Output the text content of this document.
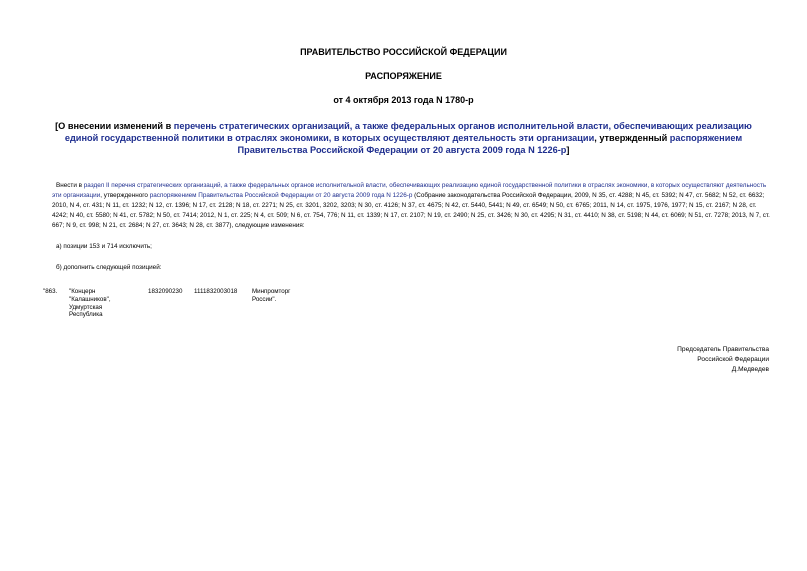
ПРАВИТЕЛЬСТВО РОССИЙСКОЙ ФЕДЕРАЦИИ
РАСПОРЯЖЕНИЕ
от 4 октября 2013 года N 1780-р
[О внесении изменений в перечень стратегических организаций, а также федеральных органов исполнительной власти, обеспечивающих реализацию единой государственной политики в отраслях экономики, в которых осуществляют деятельность эти организации, утвержденный распоряжением Правительства Российской Федерации от 20 августа 2009 года N 1226-р]
Внести в раздел II перечня стратегических организаций, а также федеральных органов исполнительной власти, обеспечивающих реализацию единой государственной политики в отраслях экономики, в которых осуществляют деятельность эти организации, утвержденного распоряжением Правительства Российской Федерации от 20 августа 2009 года N 1226-р (Собрание законодательства Российской Федерации, 2009, N 35, ст. 4288; N 45, ст. 5392; N 47, ст. 5682; N 52, ст. 6632; 2010, N 4, ст. 431; N 11, ст. 1232; N 12, ст. 1396; N 17, ст. 2128; N 18, ст. 2271; N 25, ст. 3201, 3202, 3203; N 30, ст. 4126; N 37, ст. 4675; N 42, ст. 5440, 5441; N 49, ст. 6549; N 50, ст. 6765; 2011, N 14, ст. 1975, 1976, 1977; N 15, ст. 2167; N 28, ст. 4242; N 40, ст. 5580; N 41, ст. 5782; N 50, ст. 7414; 2012, N 1, ст. 225; N 4, ст. 509; N 6, ст. 754, 776; N 11, ст. 1339; N 17, ст. 2107; N 19, ст. 2490; N 25, ст. 3426; N 30, ст. 4295; N 31, ст. 4410; N 38, ст. 5198; N 44, ст. 6069; N 51, ст. 7278; 2013, N 7, ст. 667; N 9, ст. 998; N 21, ст. 2684; N 27, ст. 3643; N 28, ст. 3877), следующие изменения:
а) позиции 153 и 714 исключить;
б) дополнить следующей позицией:
"863. "Концерн
"Калашников",
Удмуртская
Республика
1832090230 1111832003018 Минпромторг
России".
Председатель Правительства
Российской Федерации
Д.Медведев
